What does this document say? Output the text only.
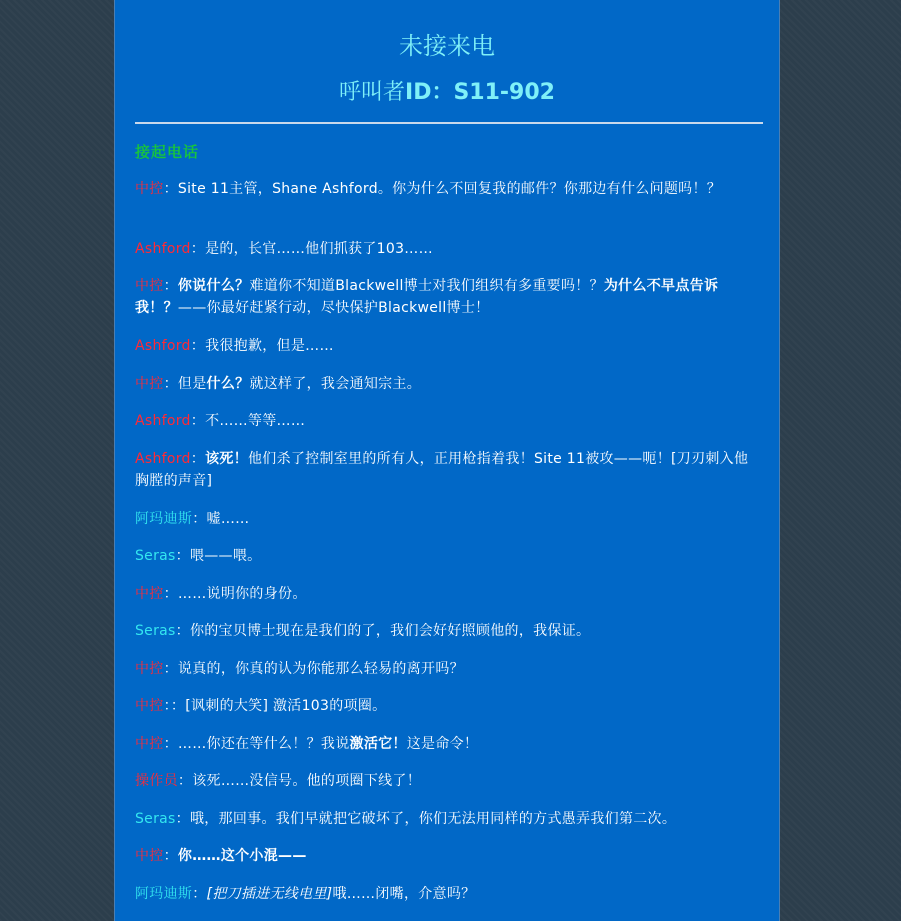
未接来电
呼叫者ID：S11-902
接起电话
中控：Site 11主管，Shane Ashford。你为什么不回复我的邮件？你那边有什么问题吗！？
Ashford：是的，长官……他们抓获了103……
中控：你说什么？难道你不知道Blackwell博士对我们组织有多重要吗！？为什么不早点告诉我！？——你最好赶紧行动，尽快保护Blackwell博士！
Ashford：我很抱歉，但是……
中控：但是什么？就这样了，我会通知宗主。
Ashford：不……等等……
Ashford：该死！他们杀了控制室里的所有人，正用枪指着我！Site 11被攻——呃！[刀刃刺入他胸膛的声音]
阿玛迪斯：嘘……
Seras：喂——喂。
中控：……说明你的身份。
Seras：你的宝贝博士现在是我们的了，我们会好好照顾他的，我保证。
中控：说真的，你真的认为你能那么轻易的离开吗？
中控：：[讽刺的大笑] 激活103的项圈。
中控：……你还在等什么！？我说激活它！这是命令！
操作员：该死……没信号。他的项圈下线了！
Seras：哦，那回事。我们早就把它破坏了，你们无法用同样的方式愚弄我们第二次。
中控：你……这个小混——
阿玛迪斯：[把刀插进无线电里]哦……闭嘴，介意吗？
